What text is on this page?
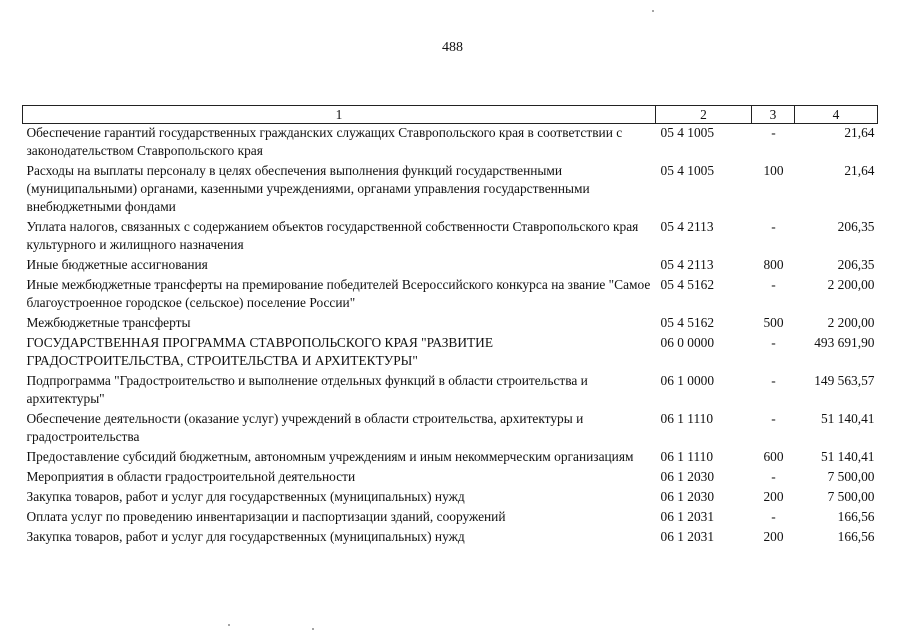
488
1	2	3	4
Обеспечение гарантий государственных гражданских служащих Ставропольского края в соответствии с законодательством Ставропольского края	05 4 1005	-	21,64
Расходы на выплаты персоналу в целях обеспечения выполнения функций государственными (муниципальными) органами, казенными учреждениями, органами управления государственными внебюджетными фондами	05 4 1005	100	21,64
Уплата налогов, связанных с содержанием объектов государственной собственности Ставропольского края культурного и жилищного назначения	05 4 2113	-	206,35
Иные бюджетные ассигнования	05 4 2113	800	206,35
Иные межбюджетные трансферты на премирование победителей Всероссийского конкурса на звание "Самое благоустроенное городское (сельское) поселение России"	05 4 5162	-	2 200,00
Межбюджетные трансферты	05 4 5162	500	2 200,00
ГОСУДАРСТВЕННАЯ ПРОГРАММА СТАВРОПОЛЬСКОГО КРАЯ "РАЗВИТИЕ ГРАДОСТРОИТЕЛЬСТВА, СТРОИТЕЛЬСТВА И АРХИТЕКТУРЫ"	06 0 0000	-	493 691,90
Подпрограмма "Градостроительство и выполнение отдельных функций в области строительства и архитектуры"	06 1 0000	-	149 563,57
Обеспечение деятельности (оказание услуг) учреждений в области строительства, архитектуры и градостроительства	06 1 1110	-	51 140,41
Предоставление субсидий бюджетным, автономным учреждениям и иным некоммерческим организациям	06 1 1110	600	51 140,41
Мероприятия в области градостроительной деятельности	06 1 2030	-	7 500,00
Закупка товаров, работ и услуг для государственных (муниципальных) нужд	06 1 2030	200	7 500,00
Оплата услуг по проведению инвентаризации и паспортизации зданий, сооружений	06 1 2031	-	166,56
Закупка товаров, работ и услуг для государственных (муниципальных) нужд	06 1 2031	200	166,56
